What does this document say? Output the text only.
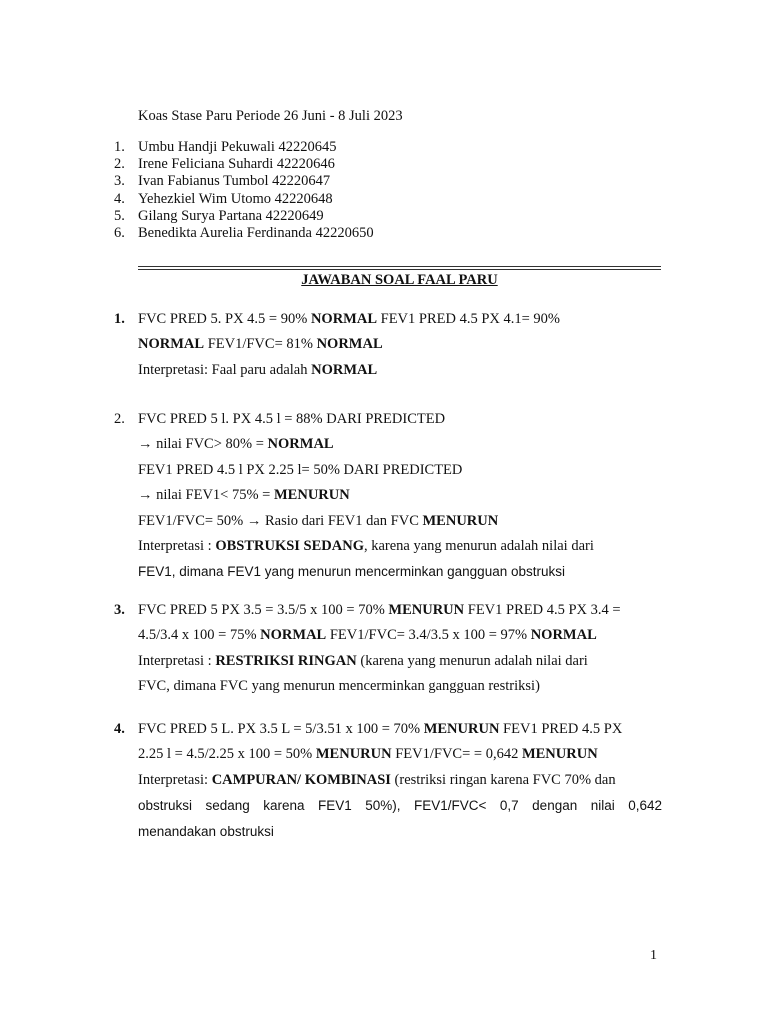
Koas Stase Paru Periode 26 Juni - 8 Juli 2023
1. Umbu Handji Pekuwali 42220645
2. Irene Feliciana Suhardi 42220646
3. Ivan Fabianus Tumbol 42220647
4. Yehezkiel Wim Utomo 42220648
5. Gilang Surya Partana 42220649
6. Benedikta Aurelia Ferdinanda 42220650
JAWABAN SOAL FAAL PARU
1. FVC PRED 5. PX 4.5 = 90% NORMAL FEV1 PRED 4.5 PX 4.1= 90%
NORMAL FEV1/FVC= 81% NORMAL
Interpretasi: Faal paru adalah NORMAL
2. FVC PRED 5 l. PX 4.5 l = 88% DARI PREDICTED
→ nilai FVC> 80% = NORMAL
FEV1 PRED 4.5 l PX 2.25 l= 50% DARI PREDICTED
→ nilai FEV1< 75% = MENURUN
FEV1/FVC= 50% → Rasio dari FEV1 dan FVC MENURUN
Interpretasi : OBSTRUKSI SEDANG, karena yang menurun adalah nilai dari
FEV1, dimana FEV1 yang menurun mencerminkan gangguan obstruksi
3. FVC PRED 5 PX 3.5 = 3.5/5 x 100 = 70% MENURUN FEV1 PRED 4.5 PX 3.4 =
4.5/3.4 x 100 = 75% NORMAL FEV1/FVC= 3.4/3.5 x 100 = 97% NORMAL
Interpretasi : RESTRIKSI RINGAN (karena yang menurun adalah nilai dari
FVC, dimana FVC yang menurun mencerminkan gangguan restriksi)
4. FVC PRED 5 L. PX 3.5 L = 5/3.51 x 100 = 70% MENURUN FEV1 PRED 4.5 PX
2.25 l = 4.5/2.25 x 100 = 50% MENURUN FEV1/FVC= = 0,642 MENURUN
Interpretasi: CAMPURAN/ KOMBINASI (restriksi ringan karena FVC 70% dan
obstruksi sedang karena FEV1 50%), FEV1/FVC< 0,7 dengan nilai 0,642
menandakan obstruksi
1
